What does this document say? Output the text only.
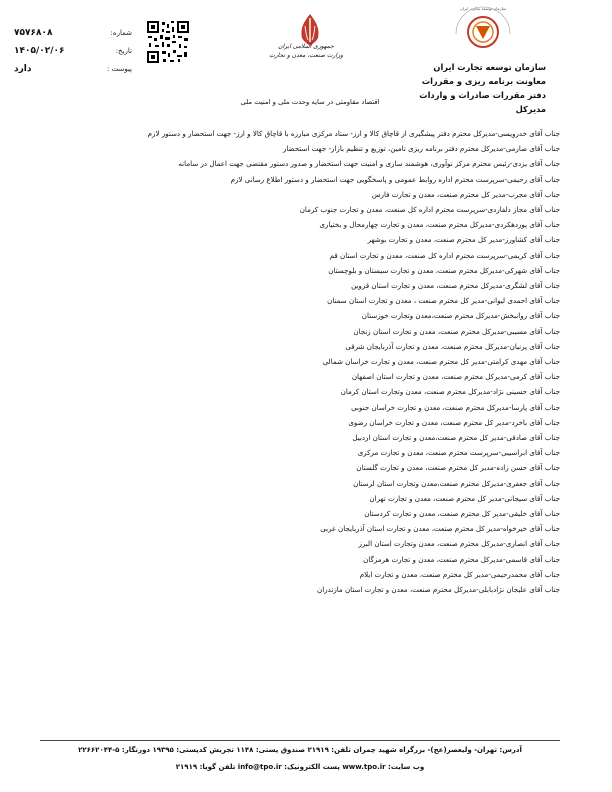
سازمان توسعه تجارت ایران
معاونت برنامه ریزی و مقررات
دفتر مقررات صادرات و واردات
مدیرکل
سازمان توسعه تجارت ایران
جمهوری اسلامی ایران
وزارت صنعت، معدن و تجارت
اقتصاد مقاومتی در سایه وحدت ملی و امنیت ملی
شماره:
۷۵۷۶۸۰۸
تاریخ:
۱۴۰۵/۰۲/۰۶
پیوست :
دارد
جناب آقای خدرویسی-مدیرکل محترم دفتر پیشگیری از قاچاق کالا و ارز- ستاد مرکزی مبارزه با قاچاق کالا و ارز- جهت استحضار و دستور لازم
جناب آقای صارمی-مدیرکل محترم دفتر برنامه ریزی تامین، توزیع و تنظیم بازار- جهت استحضار
جناب آقای یزدی-رئیس محترم مرکز نوآوری، هوشمند سازی و امنیت جهت استحضار و صدور دستور مقتضی جهت اعمال در سامانه
جناب آقای رحیمی-سرپرست محترم اداره روابط عمومی و پاسخگویی جهت استحضار و دستور اطلاع رسانی لازم
جناب آقای مجرب-مدیر کل محترم صنعت، معدن و تجارت فارس
جناب آقای مجاز دلفاردی-سرپرست محترم اداره کل صنعت، معدن و تجارت جنوب کرمان
جناب آقای پوردهکردی-مدیرکل محترم صنعت، معدن و تجارت چهارمحال و بختیاری
جناب آقای کشاورز-مدیر کل محترم صنعت، معدن و تجارت بوشهر
جناب آقای کریمی-سرپرست محترم اداره کل صنعت، معدن و تجارت استان قم
جناب آقای شهرکی-مدیرکل محترم صنعت، معدن و تجارت سیستان و بلوچستان
جناب آقای لشگری-مدیرکل محترم صنعت، معدن و تجارت استان قزوین
جناب آقای احمدی لیوانی-مدیر کل محترم صنعت ، معدن و تجارت استان سمنان
جناب آقای روانبخش-مدیرکل محترم صنعت،معدن وتجارت خوزستان
جناب آقای مسیبی-مدیرکل محترم صنعت، معدن و تجارت استان زنجان
جناب آقای پرنیان-مدیرکل محترم صنعت، معدن و تجارت آذربایجان شرقی
جناب آقای مهدی کرامتی-مدیر کل محترم صنعت، معدن و تجارت خراسان شمالی
جناب آقای کرمی-مدیرکل محترم صنعت، معدن و تجارت استان اصفهان
جناب آقای حسینی نژاد-مدیرکل محترم صنعت، معدن وتجارت استان کرمان
جناب آقای پارسا-مدیرکل محترم صنعت، معدن و تجارت خراسان جنوبی
جناب آقای باخرد-مدیر کل محترم صنعت، معدن و تجارت خراسان رضوی
جناب آقای صادقی-مدیر کل محترم صنعت،معدن و تجارت استان اردبیل
جناب آقای ابراسیبی-سرپرست محترم صنعت، معدن و تجارت مرکزی
جناب آقای حسن زاده-مدیر کل محترم صنعت، معدن و تجارت گلستان
جناب آقای جعفری-مدیرکل محترم صنعت،معدن وتجارت استان لرستان
جناب آقای سیجانی-مدیر کل محترم صنعت، معدن و تجارت تهران
جناب آقای خلیقی-مدیر کل محترم صنعت، معدن و تجارت کردستان
جناب آقای خیرخواه-مدیر کل محترم صنعت، معدن و تجارت استان آذربایجان غربی
جناب آقای انصاری-مدیرکل محترم صنعت، معدن وتجارت استان البرز
جناب آقای قاسمی-مدیرکل محترم صنعت، معدن و تجارت هرمزگان
جناب آقای محمدرحیمی-مدیر کل محترم صنعت، معدن و تجارت ایلام
جناب آقای علیجان نژادبابلی-مدیرکل محترم صنعت، معدن و تجارت استان مازندران
آدرس: تهران- ولیعصر(عج)- بزرگراه شهید چمران تلفن: ۲۱۹۱۹ صندوق پستی: ۱۱۴۸ تجریش کدپستی: ۱۹۳۹۵ دورنگار: ۵-۲۲۶۶۲۰۴۴
وب سایت: www.tpo.ir پست الکترونیک: info@tpo.ir تلفن گویا: ۲۱۹۱۹
